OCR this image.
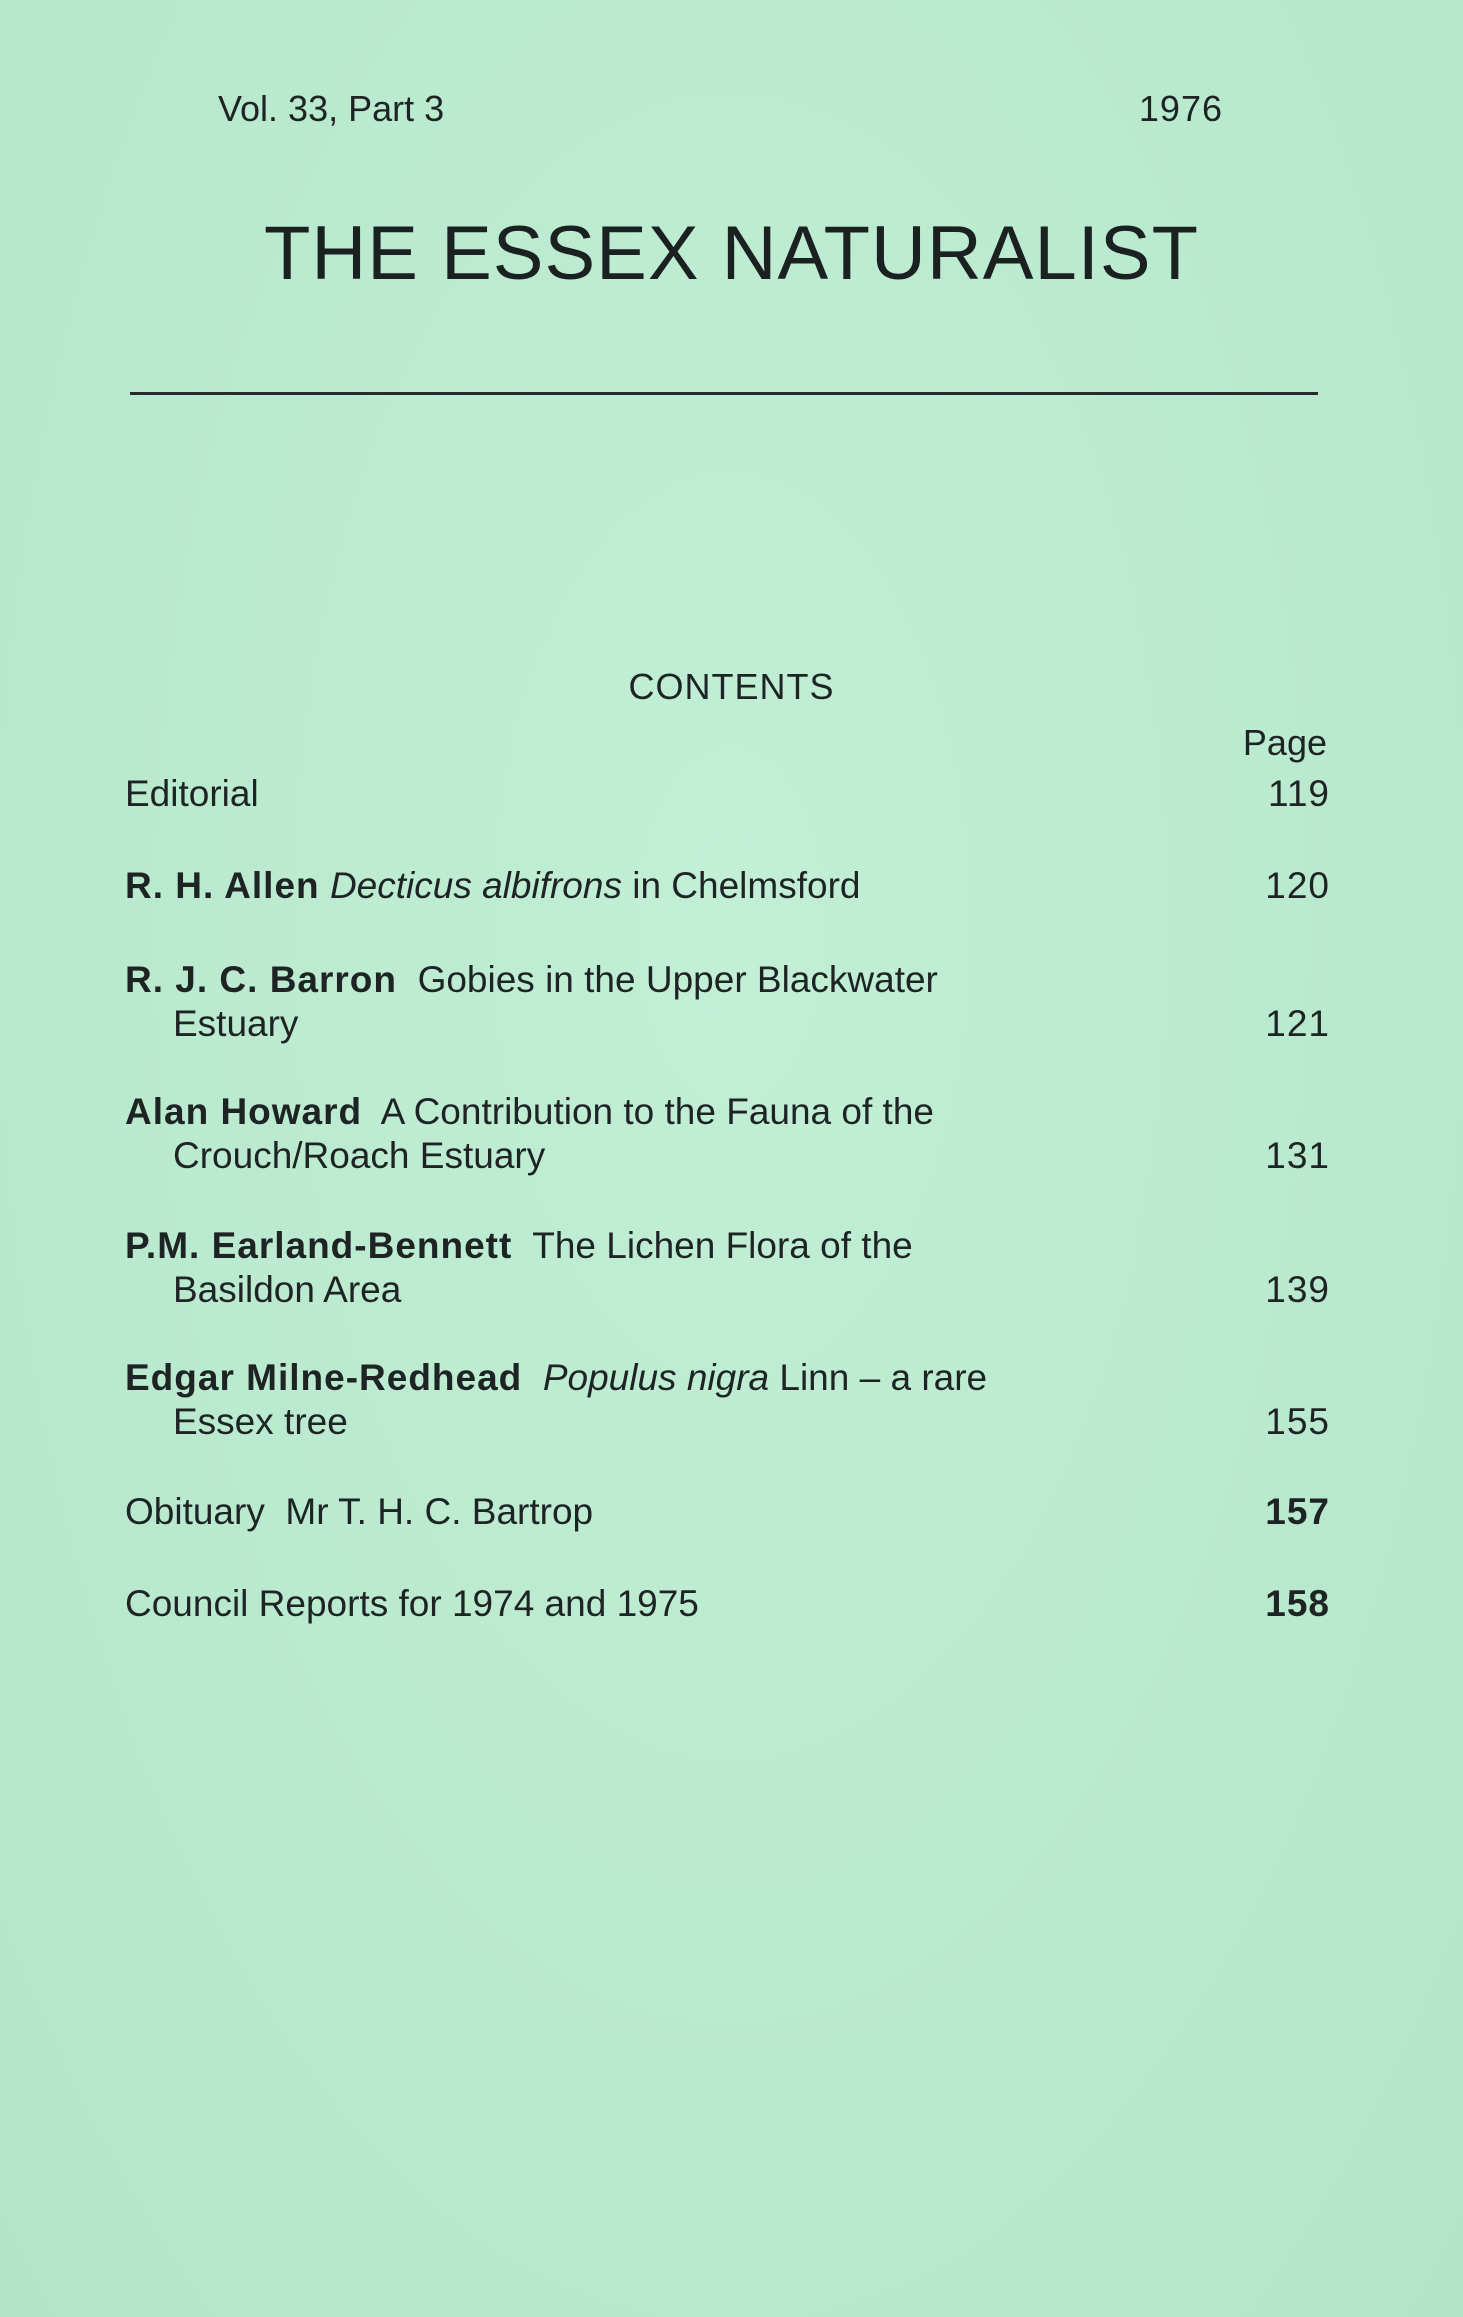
Vol. 33, Part 3	1976
THE ESSEX NATURALIST
CONTENTS
Page
Editorial	119
R. H. Allen Decticus albifrons in Chelmsford	120
R. J. C. Barron Gobies in the Upper Blackwater
Estuary	121
Alan Howard A Contribution to the Fauna of the
Crouch/Roach Estuary	131
P.M. Earland-Bennett The Lichen Flora of the
Basildon Area	139
Edgar Milne-Redhead Populus nigra Linn – a rare
Essex tree	155
Obituary  Mr T. H. C. Bartrop	157
Council Reports for 1974 and 1975	158
